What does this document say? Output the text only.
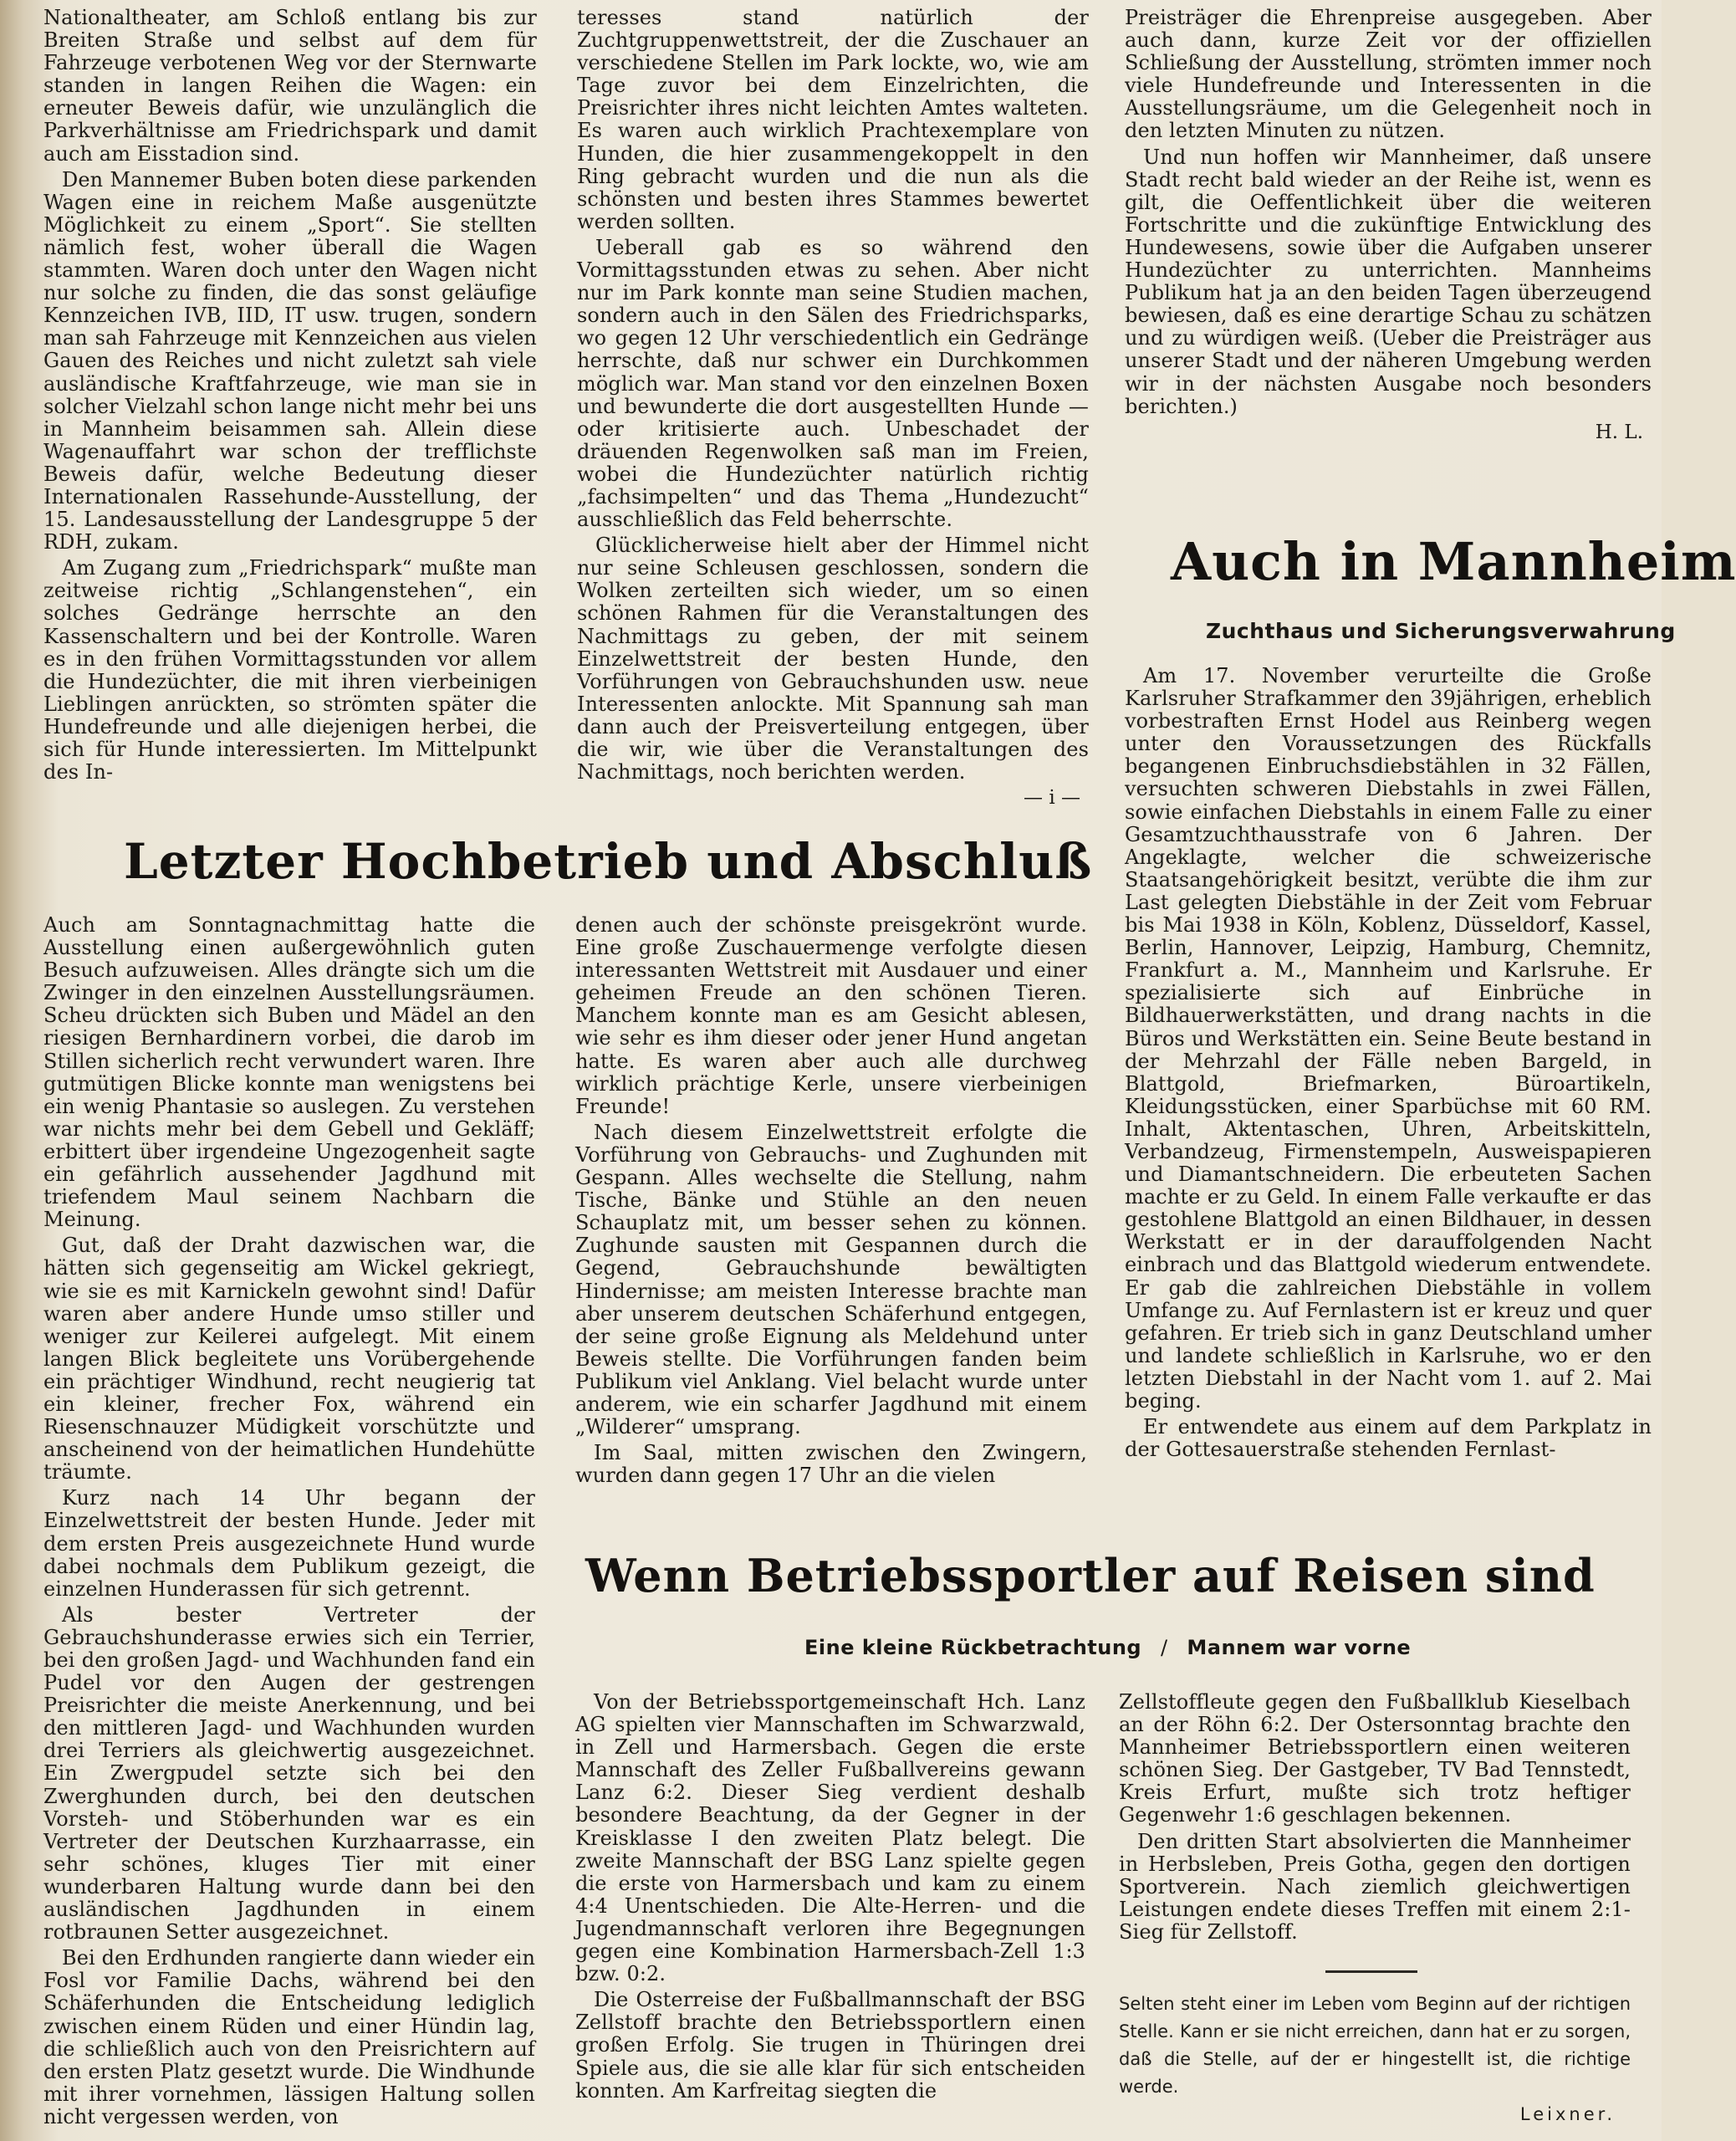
Nationaltheater, am Schloß entlang bis zur Breiten Straße und selbst auf dem für Fahrzeuge verbotenen Weg vor der Sternwarte standen in langen Reihen die Wagen: ein erneuter Beweis dafür, wie unzulänglich die Parkverhältnisse am Friedrichspark und damit auch am Eisstadion sind.

Den Mannemer Buben boten diese parkenden Wagen eine in reichem Maße ausgenützte Möglichkeit zu einem „Sport“. Sie stellten nämlich fest, woher überall die Wagen stammten. Waren doch unter den Wagen nicht nur solche zu finden, die das sonst geläufige Kennzeichen IVB, IID, IT usw. trugen, sondern man sah Fahrzeuge mit Kennzeichen aus vielen Gauen des Reiches und nicht zuletzt sah viele ausländische Kraftfahrzeuge, wie man sie in solcher Vielzahl schon lange nicht mehr bei uns in Mannheim beisammen sah. Allein diese Wagenauffahrt war schon der trefflichste Beweis dafür, welche Bedeutung dieser Internationalen Rassehunde-Ausstellung, der 15. Landesausstellung der Landesgruppe 5 der RDH, zukam.

Am Zugang zum „Friedrichspark“ mußte man zeitweise richtig „Schlangenstehen“, ein solches Gedränge herrschte an den Kassenschaltern und bei der Kontrolle. Waren es in den frühen Vormittagsstunden vor allem die Hundezüchter, die mit ihren vierbeinigen Lieblingen anrückten, so strömten später die Hundefreunde und alle diejenigen herbei, die sich für Hunde interessierten. Im Mittelpunkt des In-

teresses stand natürlich der Zuchtgruppenwettstreit, der die Zuschauer an verschiedene Stellen im Park lockte, wo, wie am Tage zuvor bei dem Einzelrichten, die Preisrichter ihres nicht leichten Amtes walteten. Es waren auch wirklich Prachtexemplare von Hunden, die hier zusammengekoppelt in den Ring gebracht wurden und die nun als die schönsten und besten ihres Stammes bewertet werden sollten.

Ueberall gab es so während den Vormittagsstunden etwas zu sehen. Aber nicht nur im Park konnte man seine Studien machen, sondern auch in den Sälen des Friedrichsparks, wo gegen 12 Uhr verschiedentlich ein Gedränge herrschte, daß nur schwer ein Durchkommen möglich war. Man stand vor den einzelnen Boxen und bewunderte die dort ausgestellten Hunde — oder kritisierte auch. Unbeschadet der dräuenden Regenwolken saß man im Freien, wobei die Hundezüchter natürlich richtig „fachsimpelten“ und das Thema „Hundezucht“ ausschließlich das Feld beherrschte.

Glücklicherweise hielt aber der Himmel nicht nur seine Schleusen geschlossen, sondern die Wolken zerteilten sich wieder, um so einen schönen Rahmen für die Veranstaltungen des Nachmittags zu geben, der mit seinem Einzelwettstreit der besten Hunde, den Vorführungen von Gebrauchshunden usw. neue Interessenten anlockte. Mit Spannung sah man dann auch der Preisverteilung entgegen, über die wir, wie über die Veranstaltungen des Nachmittags, noch berichten werden.

— i —

Preisträger die Ehrenpreise ausgegeben. Aber auch dann, kurze Zeit vor der offiziellen Schließung der Ausstellung, strömten immer noch viele Hundefreunde und Interessenten in die Ausstellungsräume, um die Gelegenheit noch in den letzten Minuten zu nützen.

Und nun hoffen wir Mannheimer, daß unsere Stadt recht bald wieder an der Reihe ist, wenn es gilt, die Oeffentlichkeit über die weiteren Fortschritte und die zukünftige Entwicklung des Hundewesens, sowie über die Aufgaben unserer Hundezüchter zu unterrichten. Mannheims Publikum hat ja an den beiden Tagen überzeugend bewiesen, daß es eine derartige Schau zu schätzen und zu würdigen weiß. (Ueber die Preisträger aus unserer Stadt und der näheren Umgebung werden wir in der nächsten Ausgabe noch besonders berichten.)

H. L.

Letzter Hochbetrieb und Abschluß

Auch am Sonntagnachmittag hatte die Ausstellung einen außergewöhnlich guten Besuch aufzuweisen. Alles drängte sich um die Zwinger in den einzelnen Ausstellungsräumen. Scheu drückten sich Buben und Mädel an den riesigen Bernhardinern vorbei, die darob im Stillen sicherlich recht verwundert waren. Ihre gutmütigen Blicke konnte man wenigstens bei ein wenig Phantasie so auslegen. Zu verstehen war nichts mehr bei dem Gebell und Gekläff; erbittert über irgendeine Ungezogenheit sagte ein gefährlich aussehender Jagdhund mit triefendem Maul seinem Nachbarn die Meinung.

Gut, daß der Draht dazwischen war, die hätten sich gegenseitig am Wickel gekriegt, wie sie es mit Karnickeln gewohnt sind! Dafür waren aber andere Hunde umso stiller und weniger zur Keilerei aufgelegt. Mit einem langen Blick begleitete uns Vorübergehende ein prächtiger Windhund, recht neugierig tat ein kleiner, frecher Fox, während ein Riesenschnauzer Müdigkeit vorschützte und anscheinend von der heimatlichen Hundehütte träumte.

Kurz nach 14 Uhr begann der Einzelwettstreit der besten Hunde. Jeder mit dem ersten Preis ausgezeichnete Hund wurde dabei nochmals dem Publikum gezeigt, die einzelnen Hunderassen für sich getrennt.

Als bester Vertreter der Gebrauchshunderasse erwies sich ein Terrier, bei den großen Jagd- und Wachhunden fand ein Pudel vor den Augen der gestrengen Preisrichter die meiste Anerkennung, und bei den mittleren Jagd- und Wachhunden wurden drei Terriers als gleichwertig ausgezeichnet. Ein Zwergpudel setzte sich bei den Zwerghunden durch, bei den deutschen Vorsteh- und Stöberhunden war es ein Vertreter der Deutschen Kurzhaarrasse, ein sehr schönes, kluges Tier mit einer wunderbaren Haltung wurde dann bei den ausländischen Jagdhunden in einem rotbraunen Setter ausgezeichnet.

Bei den Erdhunden rangierte dann wieder ein Fosl vor Familie Dachs, während bei den Schäferhunden die Entscheidung lediglich zwischen einem Rüden und einer Hündin lag, die schließlich auch von den Preisrichtern auf den ersten Platz gesetzt wurde. Die Windhunde mit ihrer vornehmen, lässigen Haltung sollen nicht vergessen werden, von

denen auch der schönste preisgekrönt wurde. Eine große Zuschauermenge verfolgte diesen interessanten Wettstreit mit Ausdauer und einer geheimen Freude an den schönen Tieren. Manchem konnte man es am Gesicht ablesen, wie sehr es ihm dieser oder jener Hund angetan hatte. Es waren aber auch alle durchweg wirklich prächtige Kerle, unsere vierbeinigen Freunde!

Nach diesem Einzelwettstreit erfolgte die Vorführung von Gebrauchs- und Zughunden mit Gespann. Alles wechselte die Stellung, nahm Tische, Bänke und Stühle an den neuen Schauplatz mit, um besser sehen zu können. Zughunde sausten mit Gespannen durch die Gegend, Gebrauchshunde bewältigten Hindernisse; am meisten Interesse brachte man aber unserem deutschen Schäferhund entgegen, der seine große Eignung als Meldehund unter Beweis stellte. Die Vorführungen fanden beim Publikum viel Anklang. Viel belacht wurde unter anderem, wie ein scharfer Jagdhund mit einem „Wilderer“ umsprang.

Im Saal, mitten zwischen den Zwingern, wurden dann gegen 17 Uhr an die vielen

Auch in Mannheim
Zuchthaus und Sicherungsverwahrung

Am 17. November verurteilte die Große Karlsruher Strafkammer den 39jährigen, erheblich vorbestraften Ernst Hodel aus Reinberg wegen unter den Voraussetzungen des Rückfalls begangenen Einbruchsdiebstählen in 32 Fällen, versuchten schweren Diebstahls in zwei Fällen, sowie einfachen Diebstahls in einem Falle zu einer Gesamtzuchthausstrafe von 6 Jahren. Der Angeklagte, welcher die schweizerische Staatsangehörigkeit besitzt, verübte die ihm zur Last gelegten Diebstähle in der Zeit vom Februar bis Mai 1938 in Köln, Koblenz, Düsseldorf, Kassel, Berlin, Hannover, Leipzig, Hamburg, Chemnitz, Frankfurt a. M., Mannheim und Karlsruhe. Er spezialisierte sich auf Einbrüche in Bildhauerwerkstätten, und drang nachts in die Büros und Werkstätten ein. Seine Beute bestand in der Mehrzahl der Fälle neben Bargeld, in Blattgold, Briefmarken, Büroartikeln, Kleidungsstücken, einer Sparbüchse mit 60 RM. Inhalt, Aktentaschen, Uhren, Arbeitskitteln, Verbandzeug, Firmenstempeln, Ausweispapieren und Diamantschneidern. Die erbeuteten Sachen machte er zu Geld. In einem Falle verkaufte er das gestohlene Blattgold an einen Bildhauer, in dessen Werkstatt er in der darauffolgenden Nacht einbrach und das Blattgold wiederum entwendete. Er gab die zahlreichen Diebstähle in vollem Umfange zu. Auf Fernlastern ist er kreuz und quer gefahren. Er trieb sich in ganz Deutschland umher und landete schließlich in Karlsruhe, wo er den letzten Diebstahl in der Nacht vom 1. auf 2. Mai beging.

Er entwendete aus einem auf dem Parkplatz in der Gottesauerstraße stehenden Fernlast-

Wenn Betriebssportler auf Reisen sind
Eine kleine Rückbetrachtung / Mannem war vorne

Von der Betriebssportgemeinschaft Hch. Lanz AG spielten vier Mannschaften im Schwarzwald, in Zell und Harmersbach. Gegen die erste Mannschaft des Zeller Fußballvereins gewann Lanz 6:2. Dieser Sieg verdient deshalb besondere Beachtung, da der Gegner in der Kreisklasse I den zweiten Platz belegt. Die zweite Mannschaft der BSG Lanz spielte gegen die erste von Harmersbach und kam zu einem 4:4 Unentschieden. Die Alte-Herren- und die Jugendmannschaft verloren ihre Begegnungen gegen eine Kombination Harmersbach-Zell 1:3 bzw. 0:2.

Die Osterreise der Fußballmannschaft der BSG Zellstoff brachte den Betriebssportlern einen großen Erfolg. Sie trugen in Thüringen drei Spiele aus, die sie alle klar für sich entscheiden konnten. Am Karfreitag siegten die

Zellstoffleute gegen den Fußballklub Kieselbach an der Röhn 6:2. Der Ostersonntag brachte den Mannheimer Betriebssportlern einen weiteren schönen Sieg. Der Gastgeber, TV Bad Tennstedt, Kreis Erfurt, mußte sich trotz heftiger Gegenwehr 1:6 geschlagen bekennen.

Den dritten Start absolvierten die Mannheimer in Herbsleben, Preis Gotha, gegen den dortigen Sportverein. Nach ziemlich gleichwertigen Leistungen endete dieses Treffen mit einem 2:1-Sieg für Zellstoff.

Selten steht einer im Leben vom Beginn auf der richtigen Stelle. Kann er sie nicht erreichen, dann hat er zu sorgen, daß die Stelle, auf der er hingestellt ist, die richtige werde.
Leixner.
